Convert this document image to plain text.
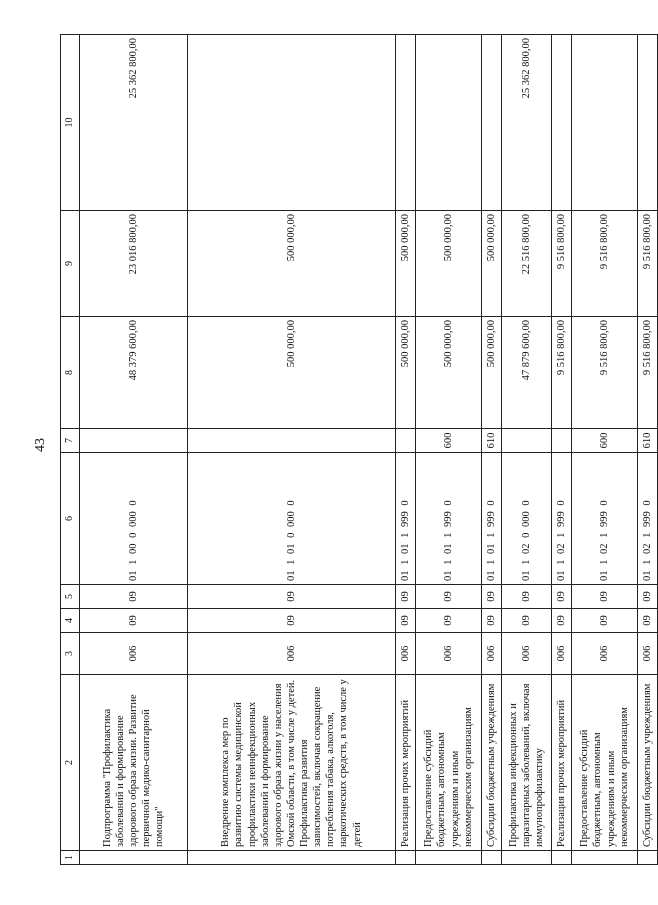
43
1	2	3	4	5	6	7	8	9	10
	Подпрограмма "Профилактика заболеваний и формирование здорового образа жизни. Развитие первичной медико-санитарной помощи"	006	09	09	01 1 00 0 000 0		48 379 600,00	23 016 800,00	25 362 800,00
	Внедрение комплекса мер по развитию системы медицинской профилактики неинфекционных заболеваний и формирование здорового образа жизни у населения Омской области, в том числе у детей. Профилактика развития зависимостей, включая сокращение потребления табака, алкоголя, наркотических средств, в том числе у детей	006	09	09	01 1 01 0 000 0		500 000,00	500 000,00	
	Реализация прочих мероприятий	006	09	09	01 1 01 1 999 0		500 000,00	500 000,00	
	Предоставление субсидий бюджетным, автономным учреждениям и иным некоммерческим организациям	006	09	09	01 1 01 1 999 0	600	500 000,00	500 000,00	
	Субсидии бюджетным учреждениям	006	09	09	01 1 01 1 999 0	610	500 000,00	500 000,00	
	Профилактика инфекционных и паразитарных заболеваний, включая иммунопрофилактику	006	09	09	01 1 02 0 000 0		47 879 600,00	22 516 800,00	25 362 800,00
	Реализация прочих мероприятий	006	09	09	01 1 02 1 999 0		9 516 800,00	9 516 800,00	
	Предоставление субсидий бюджетным, автономным учреждениям и иным некоммерческим организациям	006	09	09	01 1 02 1 999 0	600	9 516 800,00	9 516 800,00	
	Субсидии бюджетным учреждениям	006	09	09	01 1 02 1 999 0	610	9 516 800,00	9 516 800,00	
